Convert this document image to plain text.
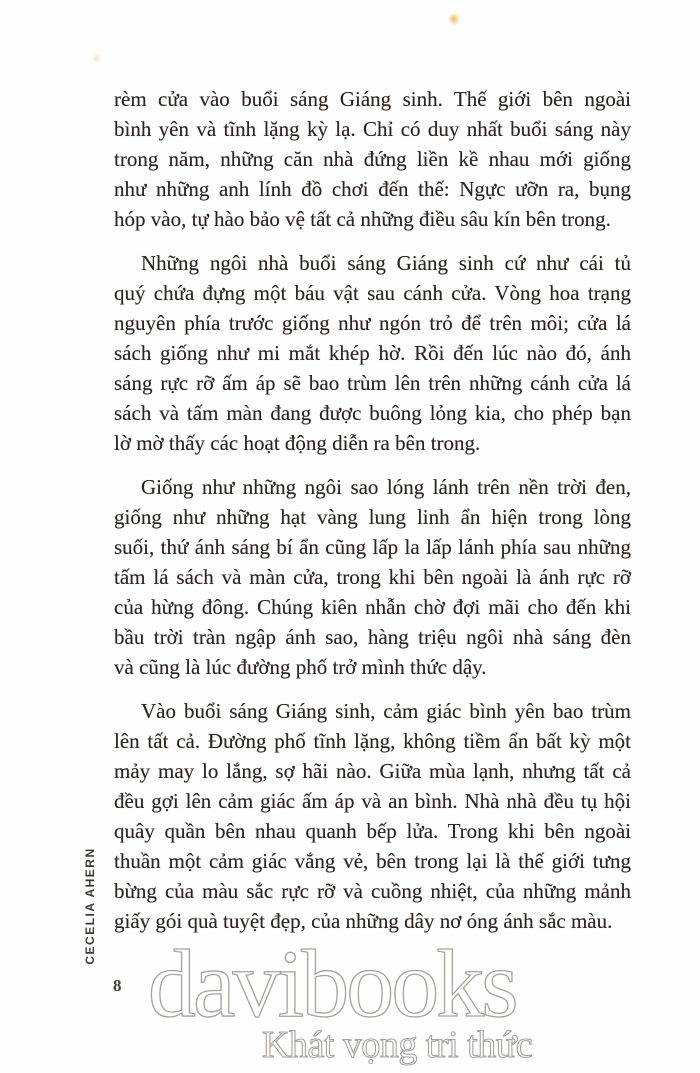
davibooks
Khát vọng tri thức
rèm cửa vào buổi sáng Giáng sinh. Thế giới bên ngoài
bình yên và tĩnh lặng kỳ lạ. Chỉ có duy nhất buổi sáng này
trong năm, những căn nhà đứng liền kề nhau mới giống
như những anh lính đồ chơi đến thế: Ngực ưỡn ra, bụng
hóp vào, tự hào bảo vệ tất cả những điều sâu kín bên trong.
Những ngôi nhà buổi sáng Giáng sinh cứ như cái tủ
quý chứa đựng một báu vật sau cánh cửa. Vòng hoa trạng
nguyên phía trước giống như ngón trỏ để trên môi; cửa lá
sách giống như mi mắt khép hờ. Rồi đến lúc nào đó, ánh
sáng rực rỡ ấm áp sẽ bao trùm lên trên những cánh cửa lá
sách và tấm màn đang được buông lỏng kia, cho phép bạn
lờ mờ thấy các hoạt động diễn ra bên trong.
Giống như những ngôi sao lóng lánh trên nền trời đen,
giống như những hạt vàng lung linh ẩn hiện trong lòng
suối, thứ ánh sáng bí ẩn cũng lấp la lấp lánh phía sau những
tấm lá sách và màn cửa, trong khi bên ngoài là ánh rực rỡ
của hừng đông. Chúng kiên nhẫn chờ đợi mãi cho đến khi
bầu trời tràn ngập ánh sao, hàng triệu ngôi nhà sáng đèn
và cũng là lúc đường phố trở mình thức dậy.
Vào buổi sáng Giáng sinh, cảm giác bình yên bao trùm
lên tất cả. Đường phố tĩnh lặng, không tiềm ẩn bất kỳ một
mảy may lo lắng, sợ hãi nào. Giữa mùa lạnh, nhưng tất cả
đều gợi lên cảm giác ấm áp và an bình. Nhà nhà đều tụ hội
quây quần bên nhau quanh bếp lửa. Trong khi bên ngoài
thuần một cảm giác vắng vẻ, bên trong lại là thế giới tưng
bừng của màu sắc rực rỡ và cuồng nhiệt, của những mảnh
giấy gói quà tuyệt đẹp, của những dây nơ óng ánh sắc màu.
CECELIA AHERN
8
